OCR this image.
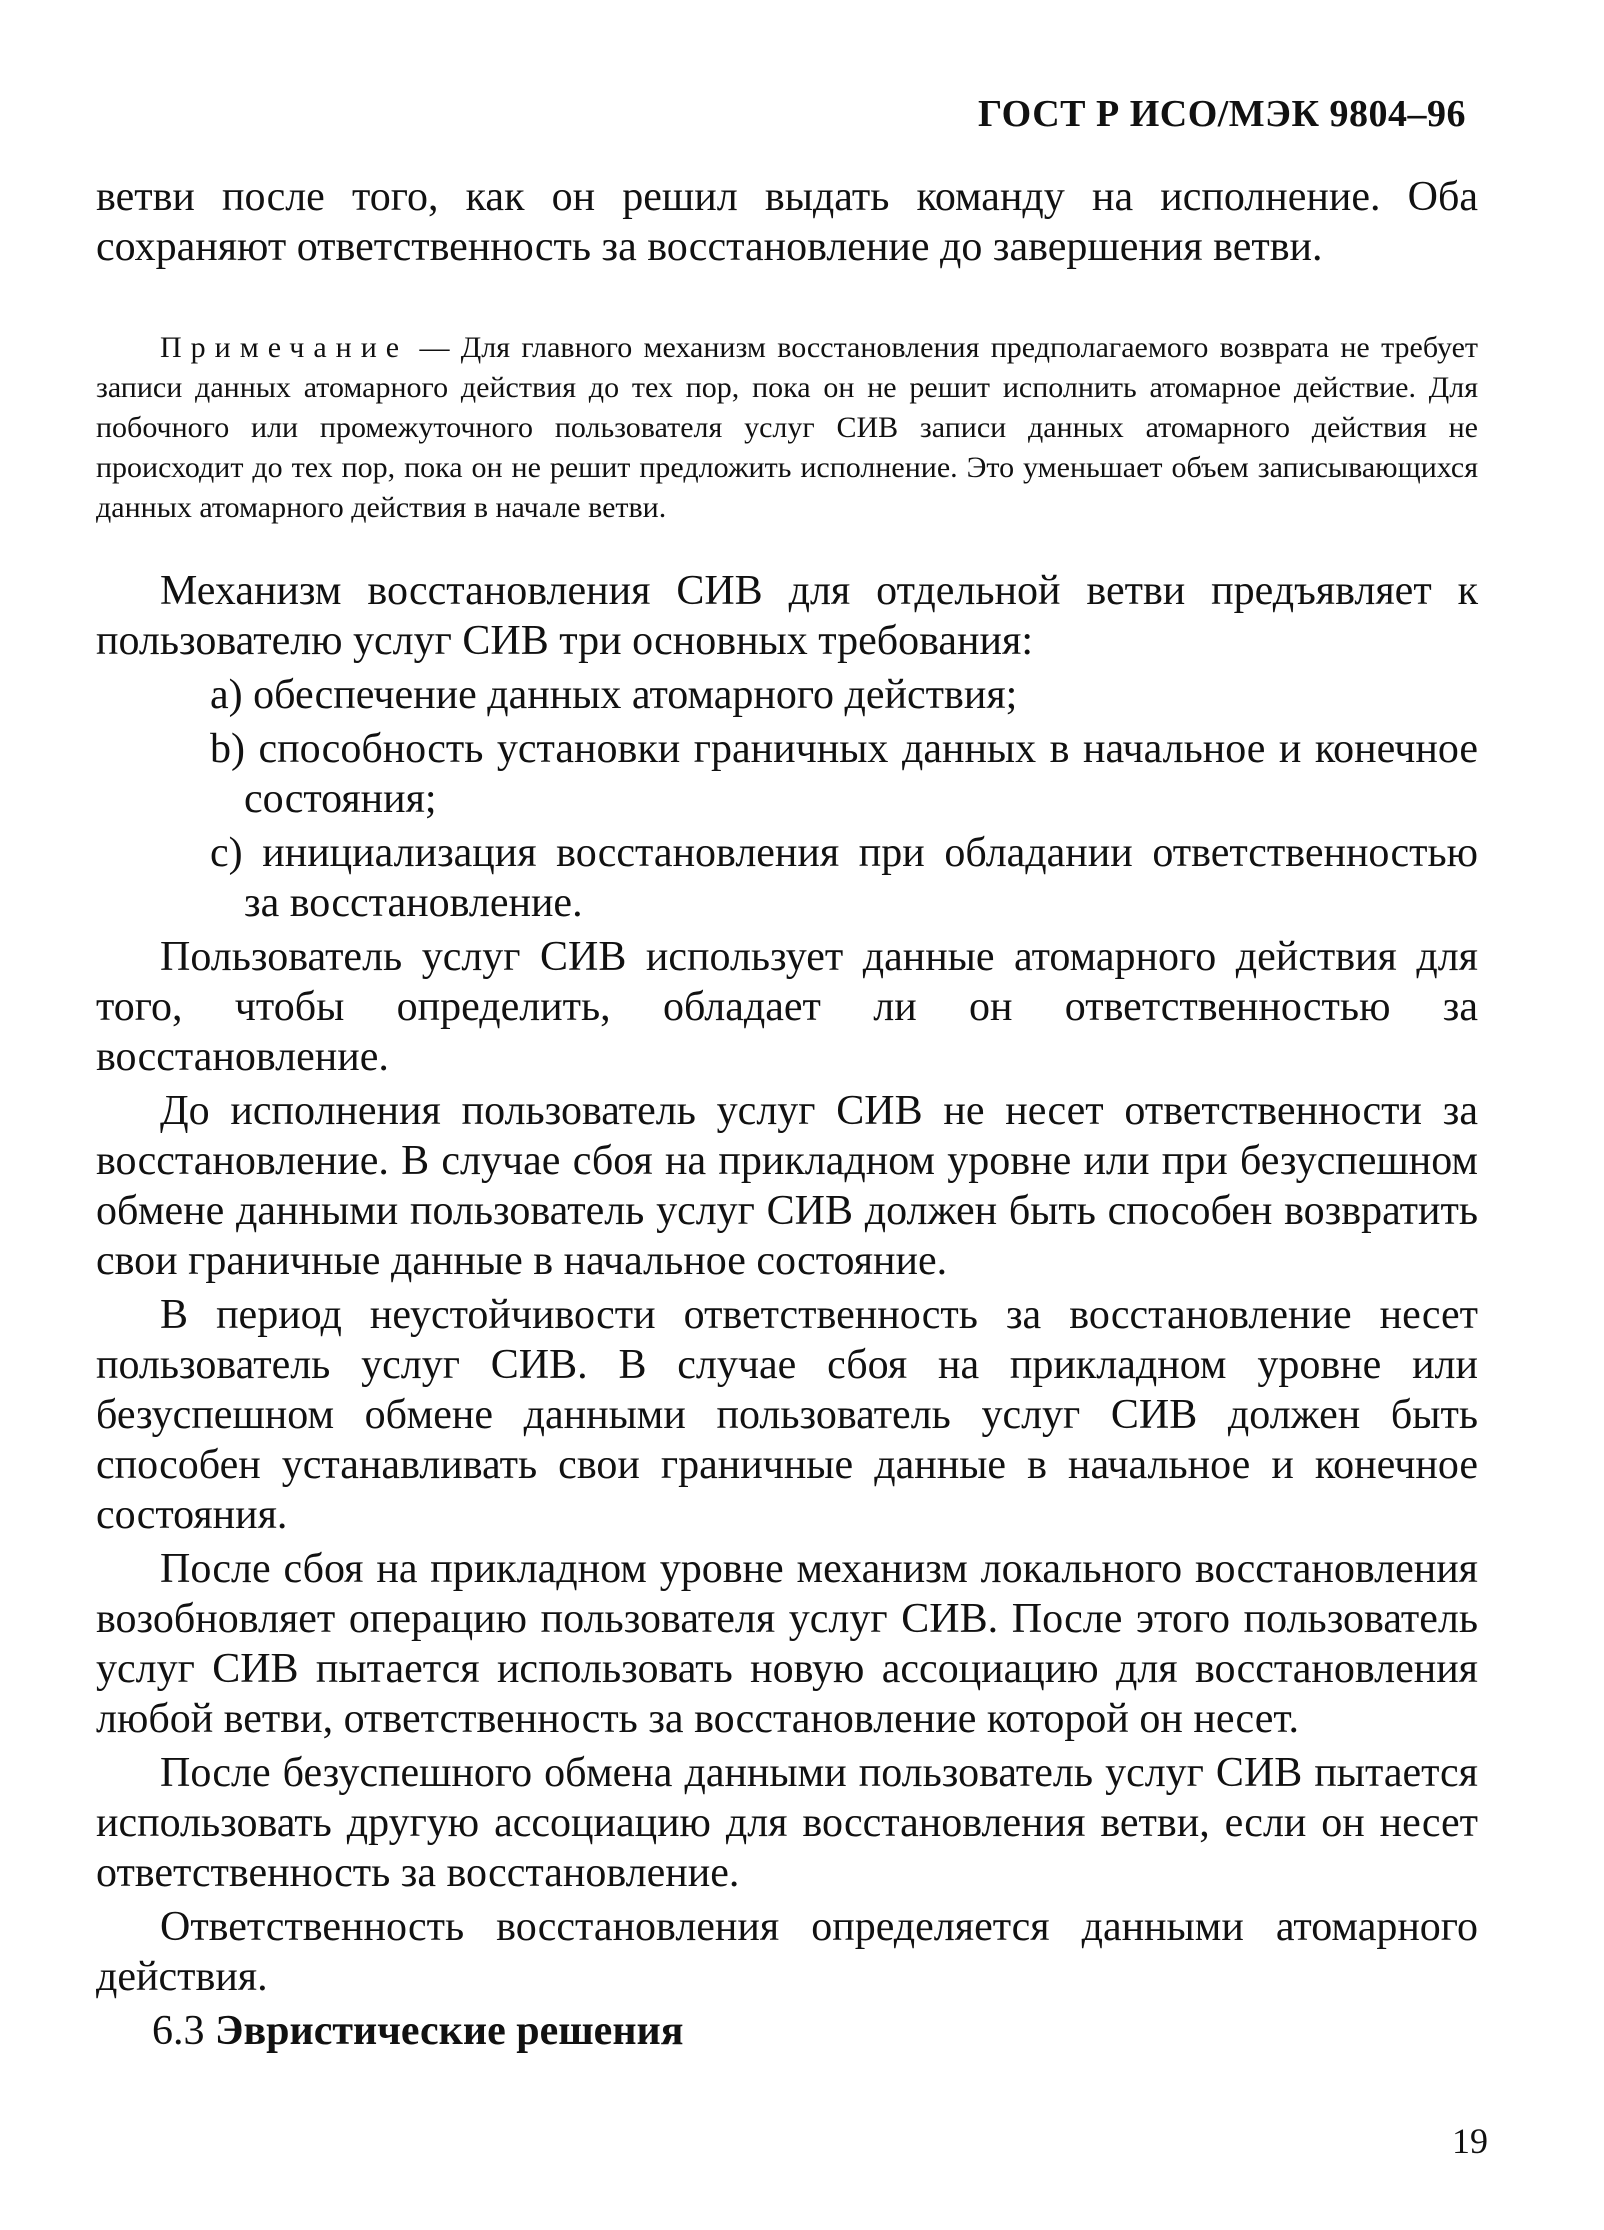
ГОСТ Р ИСО/МЭК 9804–96

ветви после того, как он решил выдать команду на исполнение. Оба сохраняют ответственность за восстановление до завершения ветви.

Примечание — Для главного механизм восстановления предполагаемого возврата не требует записи данных атомарного действия до тех пор, пока он не решит исполнить атомарное действие. Для побочного или промежуточного пользователя услуг СИВ записи данных атомарного действия не происходит до тех пор, пока он не решит предложить исполнение. Это уменьшает объем записывающихся данных атомарного действия в начале ветви.

Механизм восстановления СИВ для отдельной ветви предъявляет к пользователю услуг СИВ три основных требования:

a) обеспечение данных атомарного действия;

b) способность установки граничных данных в начальное и конечное состояния;

c) инициализация восстановления при обладании ответственностью за восстановление.

Пользователь услуг СИВ использует данные атомарного действия для того, чтобы определить, обладает ли он ответственностью за восстановление.

До исполнения пользователь услуг СИВ не несет ответственности за восстановление. В случае сбоя на прикладном уровне или при безуспешном обмене данными пользователь услуг СИВ должен быть способен возвратить свои граничные данные в начальное состояние.

В период неустойчивости ответственность за восстановление несет пользователь услуг СИВ. В случае сбоя на прикладном уровне или безуспешном обмене данными пользователь услуг СИВ должен быть способен устанавливать свои граничные данные в начальное и конечное состояния.

После сбоя на прикладном уровне механизм локального восстановления возобновляет операцию пользователя услуг СИВ. После этого пользователь услуг СИВ пытается использовать новую ассоциацию для восстановления любой ветви, ответственность за восстановление которой он несет.

После безуспешного обмена данными пользователь услуг СИВ пытается использовать другую ассоциацию для восстановления ветви, если он несет ответственность за восстановление.

Ответственность восстановления определяется данными атомарного действия.

6.3 Эвристические решения

19
